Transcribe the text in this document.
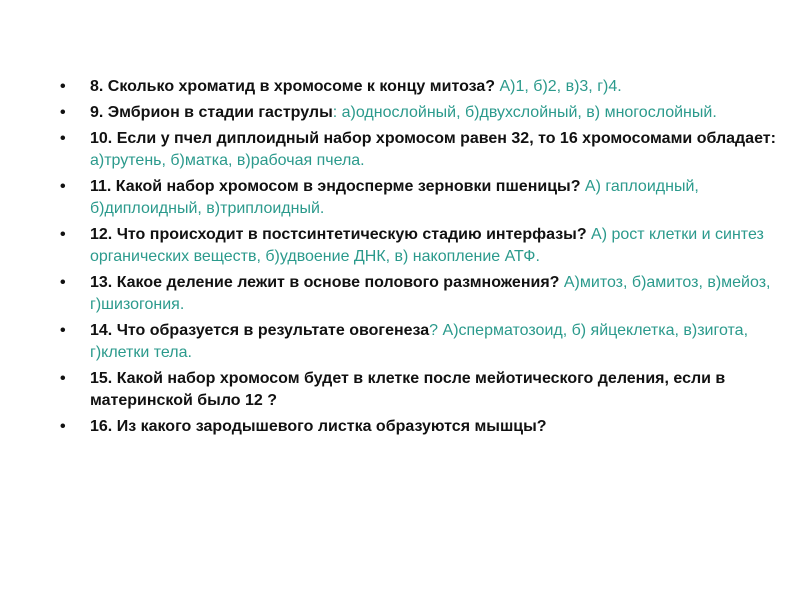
• 8. Сколько хроматид в хромосоме к концу митоза? А)1, б)2, в)3, г)4.
• 9. Эмбрион в стадии гаструлы: а)однослойный, б)двухслойный, в) многослойный.
• 10. Если у пчел диплоидный набор хромосом равен 32, то 16 хромосомами обладает: а)трутень, б)матка, в)рабочая пчела.
• 11. Какой набор хромосом в эндосперме зерновки пшеницы? А) гаплоидный, б)диплоидный, в)триплоидный.
• 12. Что происходит в постсинтетическую стадию интерфазы? А) рост клетки и синтез органических веществ, б)удвоение ДНК, в) накопление АТФ.
• 13. Какое деление лежит в основе полового размножения? А)митоз, б)амитоз, в)мейоз, г)шизогония.
• 14. Что образуется в результате овогенеза? А)сперматозоид, б) яйцеклетка, в)зигота, г)клетки тела.
• 15. Какой набор хромосом будет в клетке после мейотического деления, если в материнской было 12 ?
• 16. Из какого зародышевого листка образуются мышцы?
